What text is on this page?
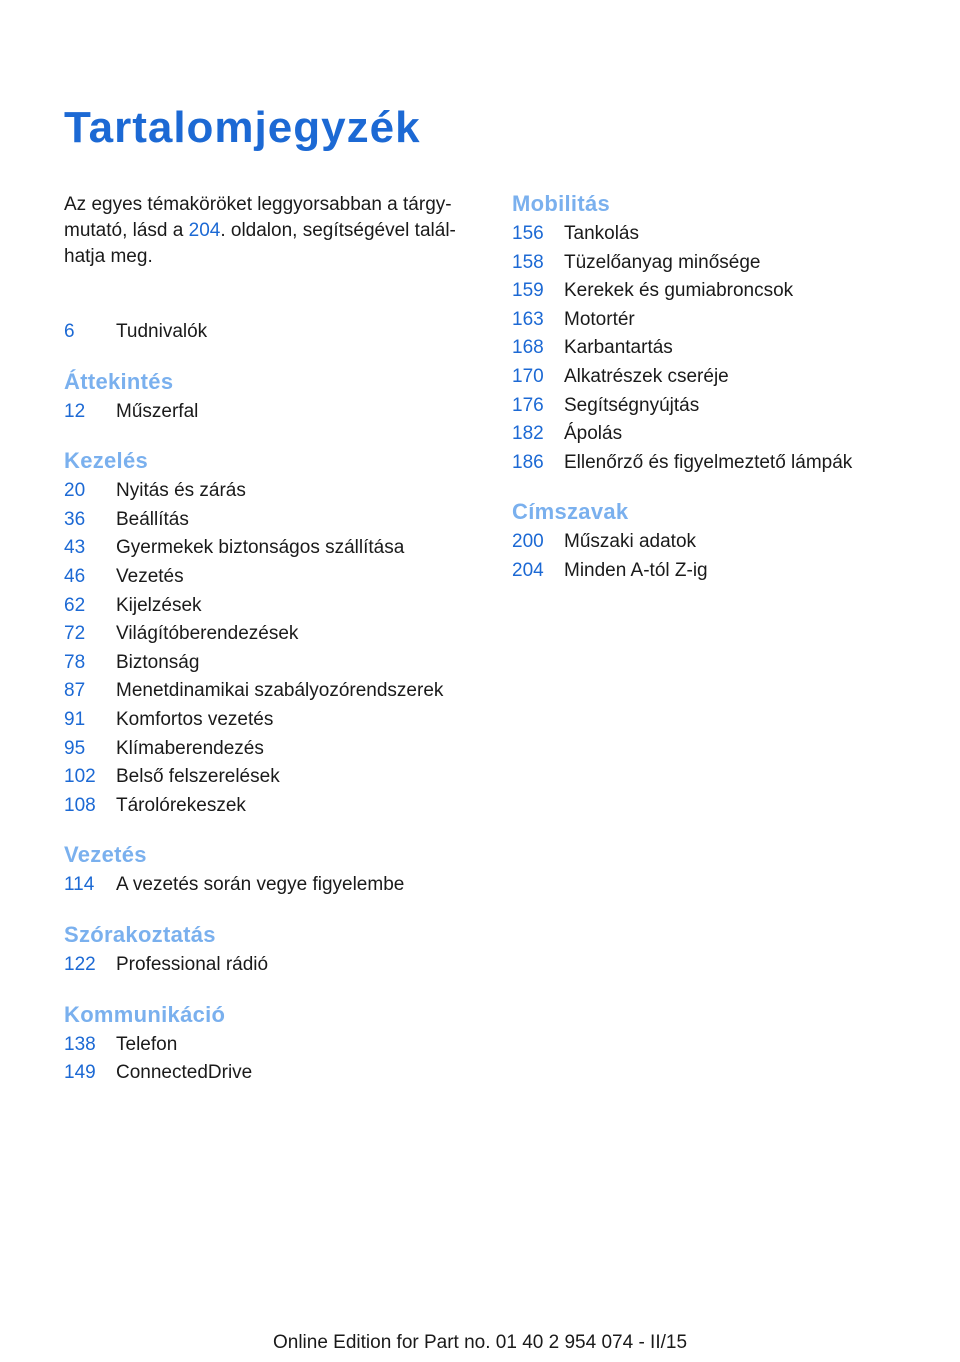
Tartalomjegyzék

Az egyes témaköröket leggyorsabban a tárgy-mutató, lásd a 204. oldalon, segítségével talál-hatja meg.

6	Tudnivalók
Áttekintés
12	Műszerfal
Kezelés
20	Nyitás és zárás
36	Beállítás
43	Gyermekek biztonságos szállítása
46	Vezetés
62	Kijelzések
72	Világítóberendezések
78	Biztonság
87	Menetdinamikai szabályozórendszerek
91	Komfortos vezetés
95	Klímaberendezés
102	Belső felszerelések
108	Tárolórekeszek
Vezetés
114	A vezetés során vegye figyelembe
Szórakoztatás
122	Professional rádió
Kommunikáció
138	Telefon
149	ConnectedDrive
Mobilitás
156	Tankolás
158	Tüzelőanyag minősége
159	Kerekek és gumiabroncsok
163	Motortér
168	Karbantartás
170	Alkatrészek cseréje
176	Segítségnyújtás
182	Ápolás
186	Ellenőrző és figyelmeztető lámpák
Címszavak
200	Műszaki adatok
204	Minden A-tól Z-ig
Online Edition for Part no. 01 40 2 954 074 - II/15
